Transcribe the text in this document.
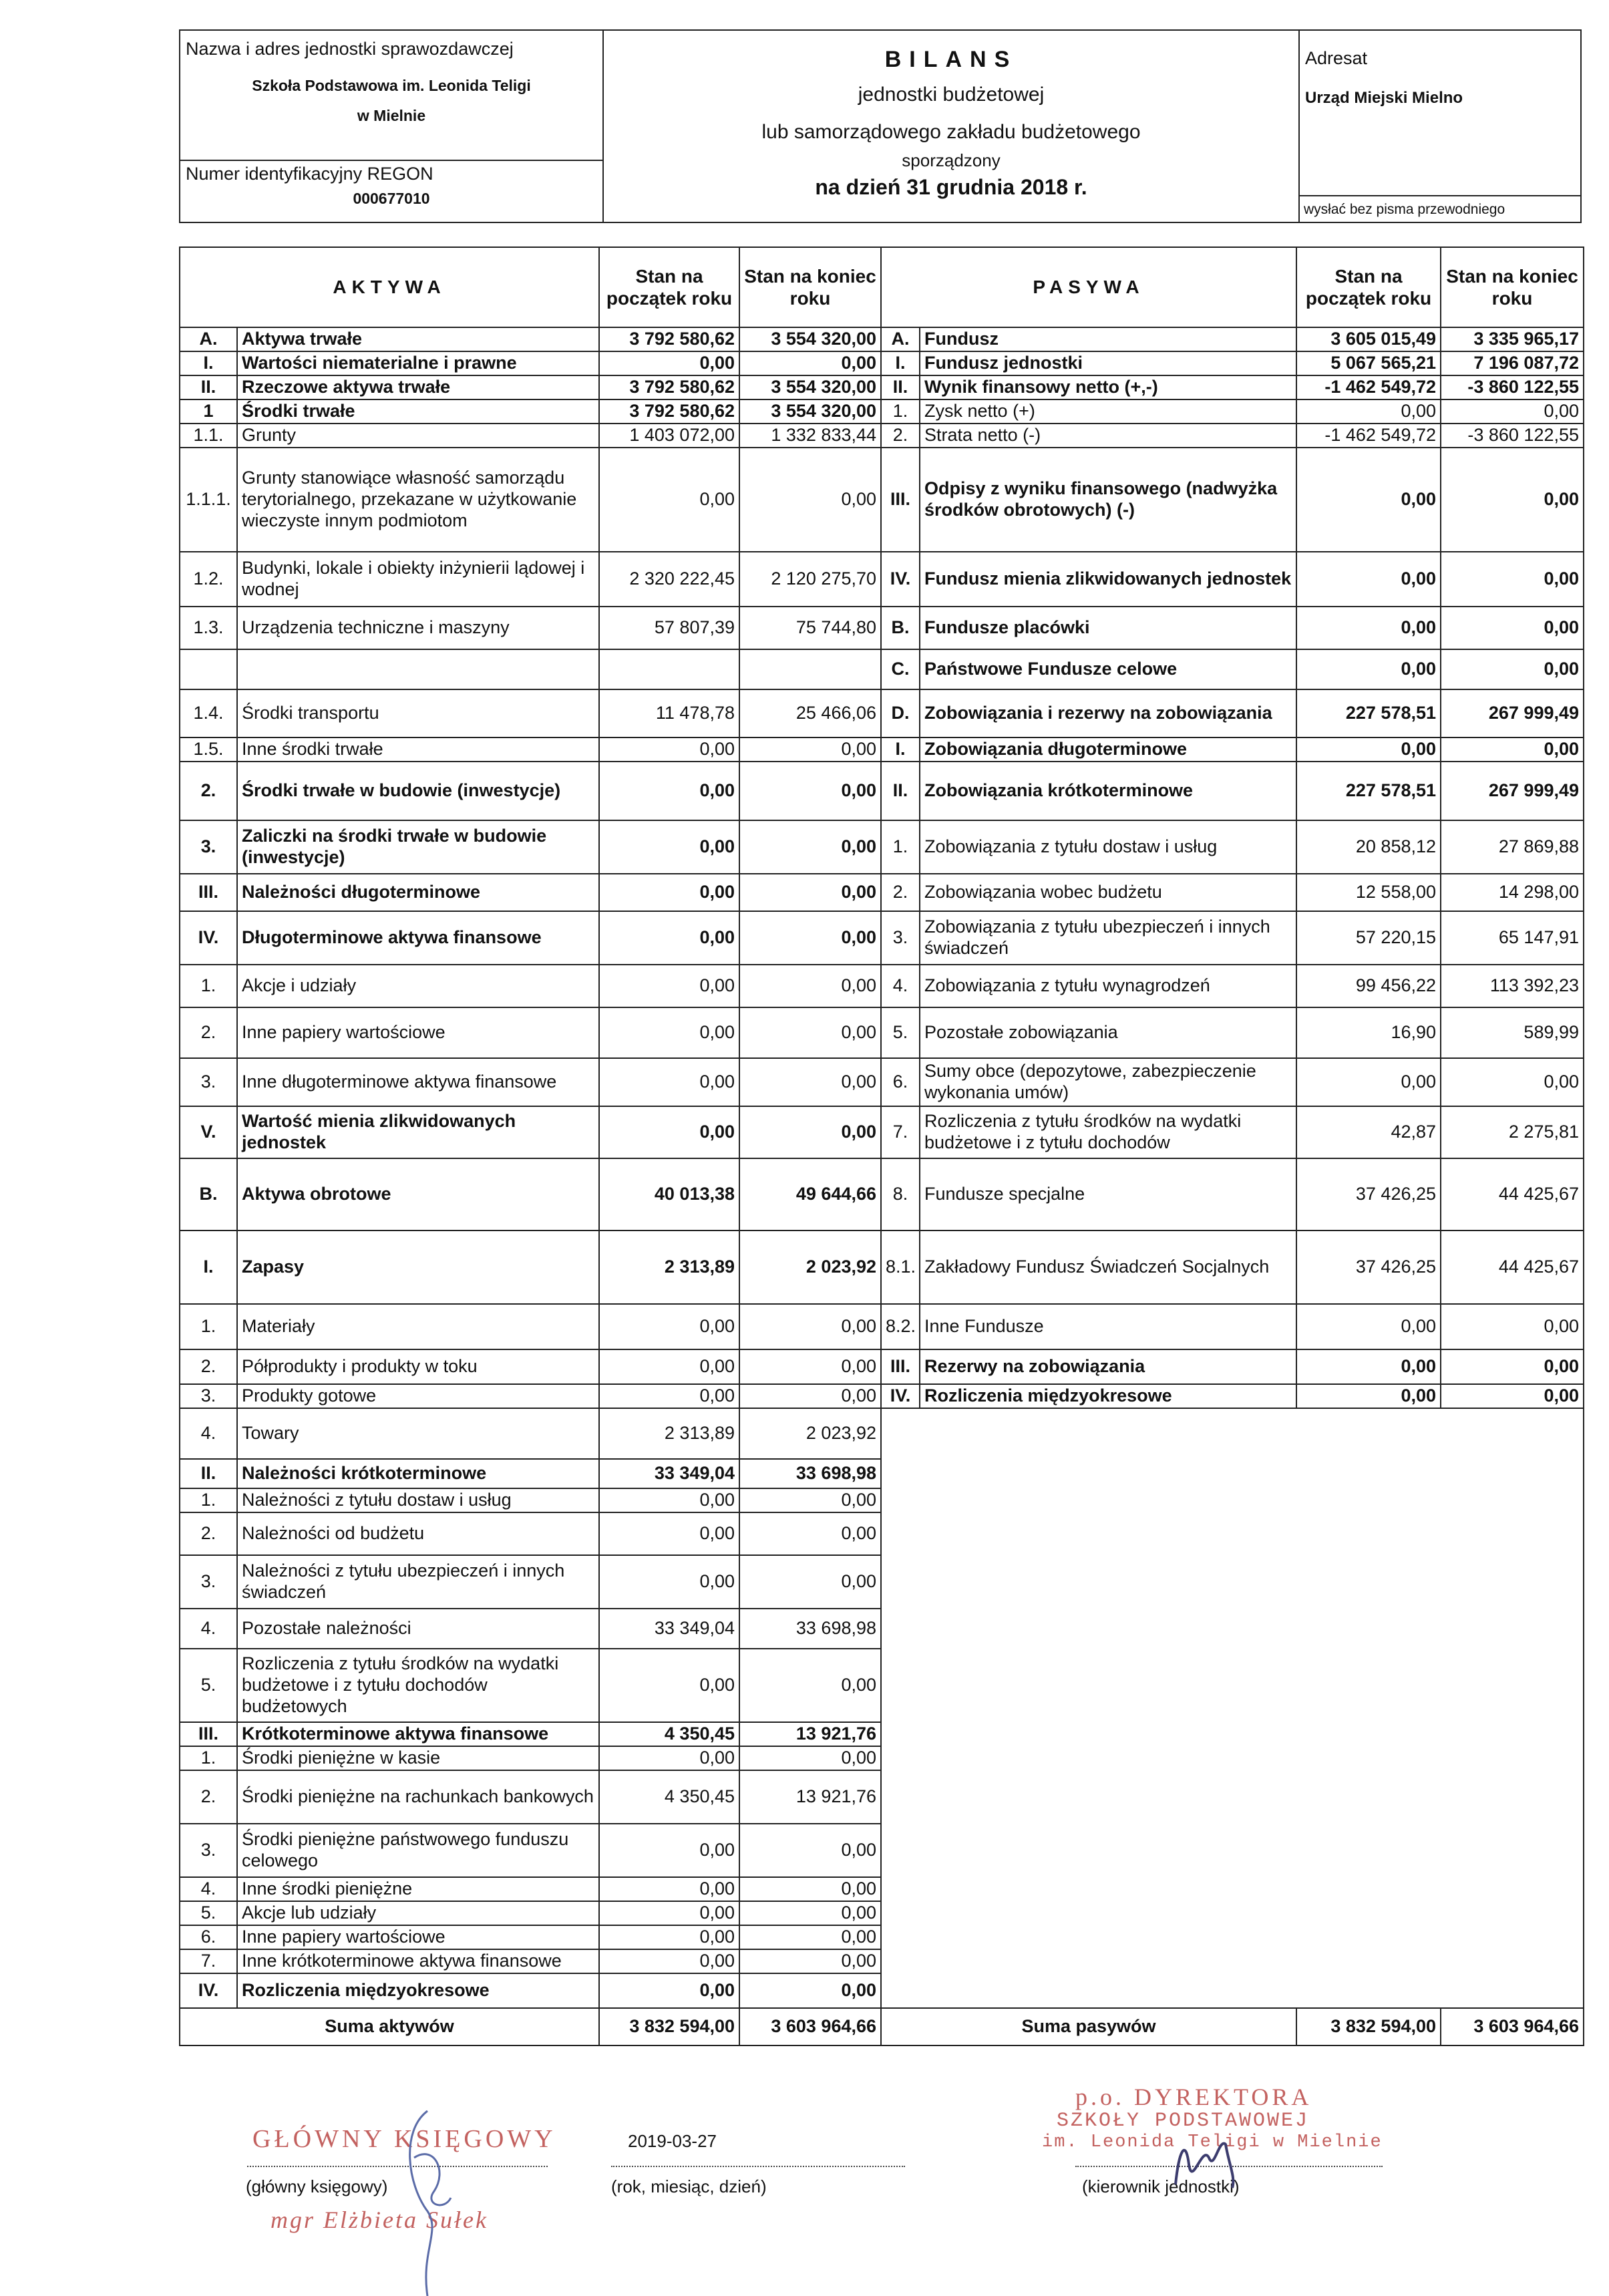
Nazwa i adres jednostki sprawozdawczej
Szkoła Podstawowa im. Leonida Teligi
w Mielnie
Numer identyfikacyjny REGON
000677010
BILANS
jednostki budżetowej
lub samorządowego zakładu budżetowego
sporządzony
na dzień 31 grudnia 2018 r.
Adresat
Urząd Miejski Mielno
wysłać bez pisma przewodniego
AKTYWA		Stan na początek roku	Stan na koniec roku	PASYWA		Stan na początek roku	Stan na koniec roku
A.	Aktywa trwałe	3 792 580,62	3 554 320,00	A.	Fundusz	3 605 015,49	3 335 965,17
I.	Wartości niematerialne i prawne	0,00	0,00	I.	Fundusz jednostki	5 067 565,21	7 196 087,72
II.	Rzeczowe aktywa trwałe	3 792 580,62	3 554 320,00	II.	Wynik finansowy netto (+,-)	-1 462 549,72	-3 860 122,55
1	Środki trwałe	3 792 580,62	3 554 320,00	1.	Zysk netto (+)	0,00	0,00
1.1.	Grunty	1 403 072,00	1 332 833,44	2.	Strata netto (-)	-1 462 549,72	-3 860 122,55
1.1.1.	Grunty stanowiące własność samorządu terytorialnego, przekazane w użytkowanie wieczyste innym podmiotom	0,00	0,00	III.	Odpisy z wyniku finansowego (nadwyżka środków obrotowych) (-)	0,00	0,00
1.2.	Budynki, lokale i obiekty inżynierii lądowej i wodnej	2 320 222,45	2 120 275,70	IV.	Fundusz mienia zlikwidowanych jednostek	0,00	0,00
1.3.	Urządzenia techniczne i maszyny	57 807,39	75 744,80	B.	Fundusze placówki	0,00	0,00
				C.	Państwowe Fundusze celowe	0,00	0,00
1.4.	Środki transportu	11 478,78	25 466,06	D.	Zobowiązania i rezerwy na zobowiązania	227 578,51	267 999,49
1.5.	Inne środki trwałe	0,00	0,00	I.	Zobowiązania długoterminowe	0,00	0,00
2.	Środki trwałe w budowie (inwestycje)	0,00	0,00	II.	Zobowiązania krótkoterminowe	227 578,51	267 999,49
3.	Zaliczki na środki trwałe w budowie (inwestycje)	0,00	0,00	1.	Zobowiązania z tytułu dostaw i usług	20 858,12	27 869,88
III.	Należności długoterminowe	0,00	0,00	2.	Zobowiązania wobec budżetu	12 558,00	14 298,00
IV.	Długoterminowe aktywa finansowe	0,00	0,00	3.	Zobowiązania z tytułu ubezpieczeń i innych świadczeń	57 220,15	65 147,91
1.	Akcje i udziały	0,00	0,00	4.	Zobowiązania z tytułu wynagrodzeń	99 456,22	113 392,23
2.	Inne papiery wartościowe	0,00	0,00	5.	Pozostałe zobowiązania	16,90	589,99
3.	Inne długoterminowe aktywa finansowe	0,00	0,00	6.	Sumy obce (depozytowe, zabezpieczenie wykonania umów)	0,00	0,00
V.	Wartość mienia zlikwidowanych jednostek	0,00	0,00	7.	Rozliczenia z tytułu środków na wydatki budżetowe i z tytułu dochodów	42,87	2 275,81
B.	Aktywa obrotowe	40 013,38	49 644,66	8.	Fundusze specjalne	37 426,25	44 425,67
I.	Zapasy	2 313,89	2 023,92	8.1.	Zakładowy Fundusz Świadczeń Socjalnych	37 426,25	44 425,67
1.	Materiały	0,00	0,00	8.2.	Inne Fundusze	0,00	0,00
2.	Półprodukty i produkty w toku	0,00	0,00	III.	Rezerwy na zobowiązania	0,00	0,00
3.	Produkty gotowe	0,00	0,00	IV.	Rozliczenia międzyokresowe	0,00	0,00
4.	Towary	2 313,89	2 023,92				
II.	Należności krótkoterminowe	33 349,04	33 698,98				
1.	Należności z tytułu dostaw i usług	0,00	0,00				
2.	Należności od budżetu	0,00	0,00				
3.	Należności z tytułu ubezpieczeń i innych świadczeń	0,00	0,00				
4.	Pozostałe należności	33 349,04	33 698,98				
5.	Rozliczenia z tytułu środków na wydatki budżetowe i z tytułu dochodów budżetowych	0,00	0,00				
III.	Krótkoterminowe aktywa finansowe	4 350,45	13 921,76				
1.	Środki pieniężne w kasie	0,00	0,00				
2.	Środki pieniężne na rachunkach bankowych	4 350,45	13 921,76				
3.	Środki pieniężne państwowego funduszu celowego	0,00	0,00				
4.	Inne środki pieniężne	0,00	0,00				
5.	Akcje lub udziały	0,00	0,00				
6.	Inne papiery wartościowe	0,00	0,00				
7.	Inne krótkoterminowe aktywa finansowe	0,00	0,00				
IV.	Rozliczenia międzyokresowe	0,00	0,00				
Suma aktywów		3 832 594,00	3 603 964,66	Suma pasywów		3 832 594,00	3 603 964,66
GŁÓWNY KSIĘGOWY
(główny księgowy)
mgr Elżbieta Sułek
2019-03-27
(rok, miesiąc, dzień)
p.o. DYREKTORA
SZKOŁY PODSTAWOWEJ
im. Leonida Teligi w Mielnie
(kierownik jednostki)
